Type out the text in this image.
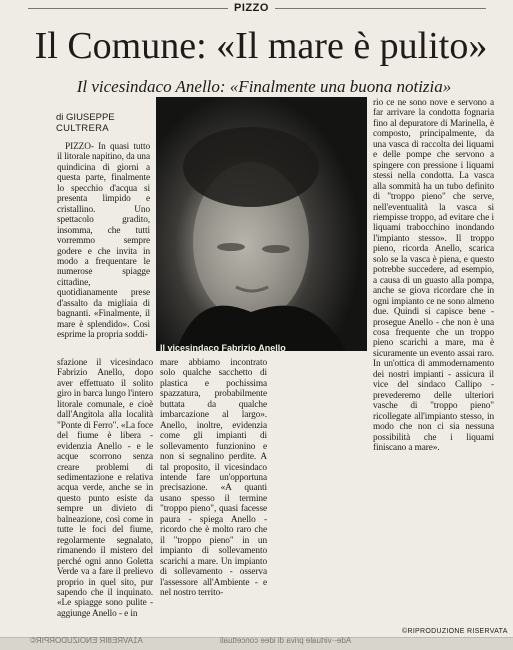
PIZZO
Il Comune: «Il mare è pulito»
Il vicesindaco Anello: «Finalmente una buona notizia»
di GIUSEPPE
CULTRERA
Il vicesindaco Fabrizio Anello

PIZZO- In quasi tutto il litorale napitino, da una quindicina di giorni a questa parte, finalmente lo specchio d'acqua si presenta limpido e cristallino. Uno spettacolo gradito, insomma, che tutti vorremmo sempre godere e che invita in modo a frequentare le numerose spiagge cittadine, quotidianamente prese d'assalto da migliaia di bagnanti. «Finalmente, il mare è splendido». Così esprime la propria soddi-

sfazione il vicesindaco Fabrizio Anello, dopo aver effettuato il solito giro in barca lungo l'intero litorale comunale, e cioè dall'Angitola alla località "Ponte di Ferro". «La foce del fiume è libera - evidenzia Anello - e le acque scorrono senza creare problemi di sedimentazione e relativa acqua verde, anche se in questo punto esiste da sempre un divieto di balneazione, così come in tutte le foci del fiume, regolarmente segnalato, rimanendo il mistero del perché ogni anno Goletta Verde va a fare il prelievo proprio in quel sito, pur sapendo che il inquinato. «Le spiagge sono pulite - aggiunge Anello - e in

mare abbiamo incontrato solo qualche sacchetto di plastica e pochissima spazzatura, probabilmente buttata da qualche imbarcazione al largo». Anello, inoltre, evidenzia come gli impianti di sollevamento funzionino e non si segnalino perdite. A tal proposito, il vicesindaco intende fare un'opportuna precisazione. «A quanti usano spesso il termine "troppo pieno", quasi facesse paura - spiega Anello - ricordo che è molto raro che il "troppo pieno" in un impianto di sollevamento scarichi a mare. Un impianto di sollevamento - osserva l'assessore all'Ambiente - e nel nostro territo-

rio ce ne sono nove e servono a far arrivare la condotta fognaria fino al depuratore di Marinella, è composto, principalmente, da una vasca di raccolta dei liquami e delle pompe che servono a spingere con pressione i liquami stessi nella condotta. La vasca alla sommità ha un tubo definito di "troppo pieno" che serve, nell'eventualità la vasca si riempisse troppo, ad evitare che i liquami trabocchino inondando l'impianto stesso». Il troppo pieno, ricorda Anello, scarica solo se la vasca è piena, e questo potrebbe succedere, ad esempio, a causa di un guasto alla pompa, anche se giova ricordare che in ogni impianto ce ne sono almeno due. Quindi si capisce bene - prosegue Anello - che non è una cosa frequente che un troppo pieno scarichi a mare, ma è sicuramente un evento assai raro. In un'ottica di ammodernamento dei nostri impianti - assicura il vice del sindaco Callipo - prevederemo delle ulteriori vasche di "troppo pieno" ricollegate all'impianto stesso, in modo che non ci sia nessuna possibilità che i liquami finiscano a mare».

©RIPRODUZIONE RISERVATA
A1AVRE8IR ENOIZUDORPIR©	Ade-·virtuale priva di idee concettuali
